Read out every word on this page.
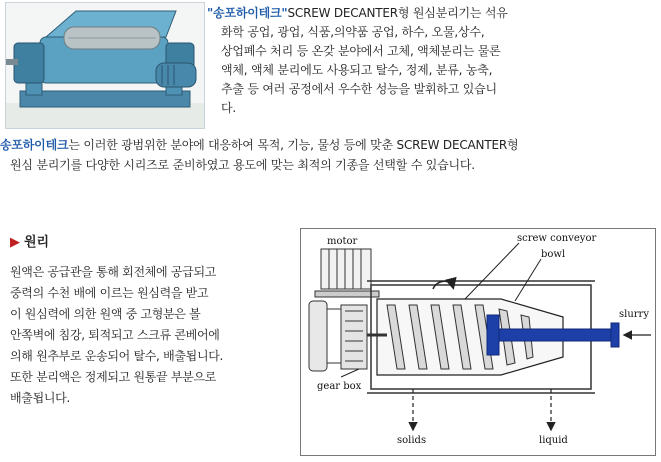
"송포하이테크"SCREW DECANTER형 원심분리기는 석유

화학 공업, 광업, 식품,의약품 공업, 하수, 오물,상수,

상업폐수 처리 등 온갖 분야에서 고체, 액체분리는 물론

액체, 액체 분리에도 사용되고 탈수, 정제, 분류, 농축,

추출 등 여러 공정에서 우수한 성능을 발휘하고 있습니

다.

송포하이테크는 이러한 광범위한 분야에 대응하여 목적, 기능, 물성 등에 맞춘 SCREW DECANTER형
원심 분리기를 다양한 시리즈로 준비하였고 용도에 맞는 최적의 기종을 선택할 수 있습니다.
▶ 원리

원액은 공급관을 통해 회전체에 공급되고

중력의 수천 배에 이르는 원심력을 받고

이 원심력에 의한 원액 중 고형분은 볼

안쪽벽에 침강, 퇴적되고 스크류 콘베어에

의해 원추부로 운송되어 탈수, 배출됩니다.

또한 분리액은 정제되고 원통끝 부분으로

배출됩니다.

motor	screw conveyor
bowl
slurry
gear box
solids	liquid
